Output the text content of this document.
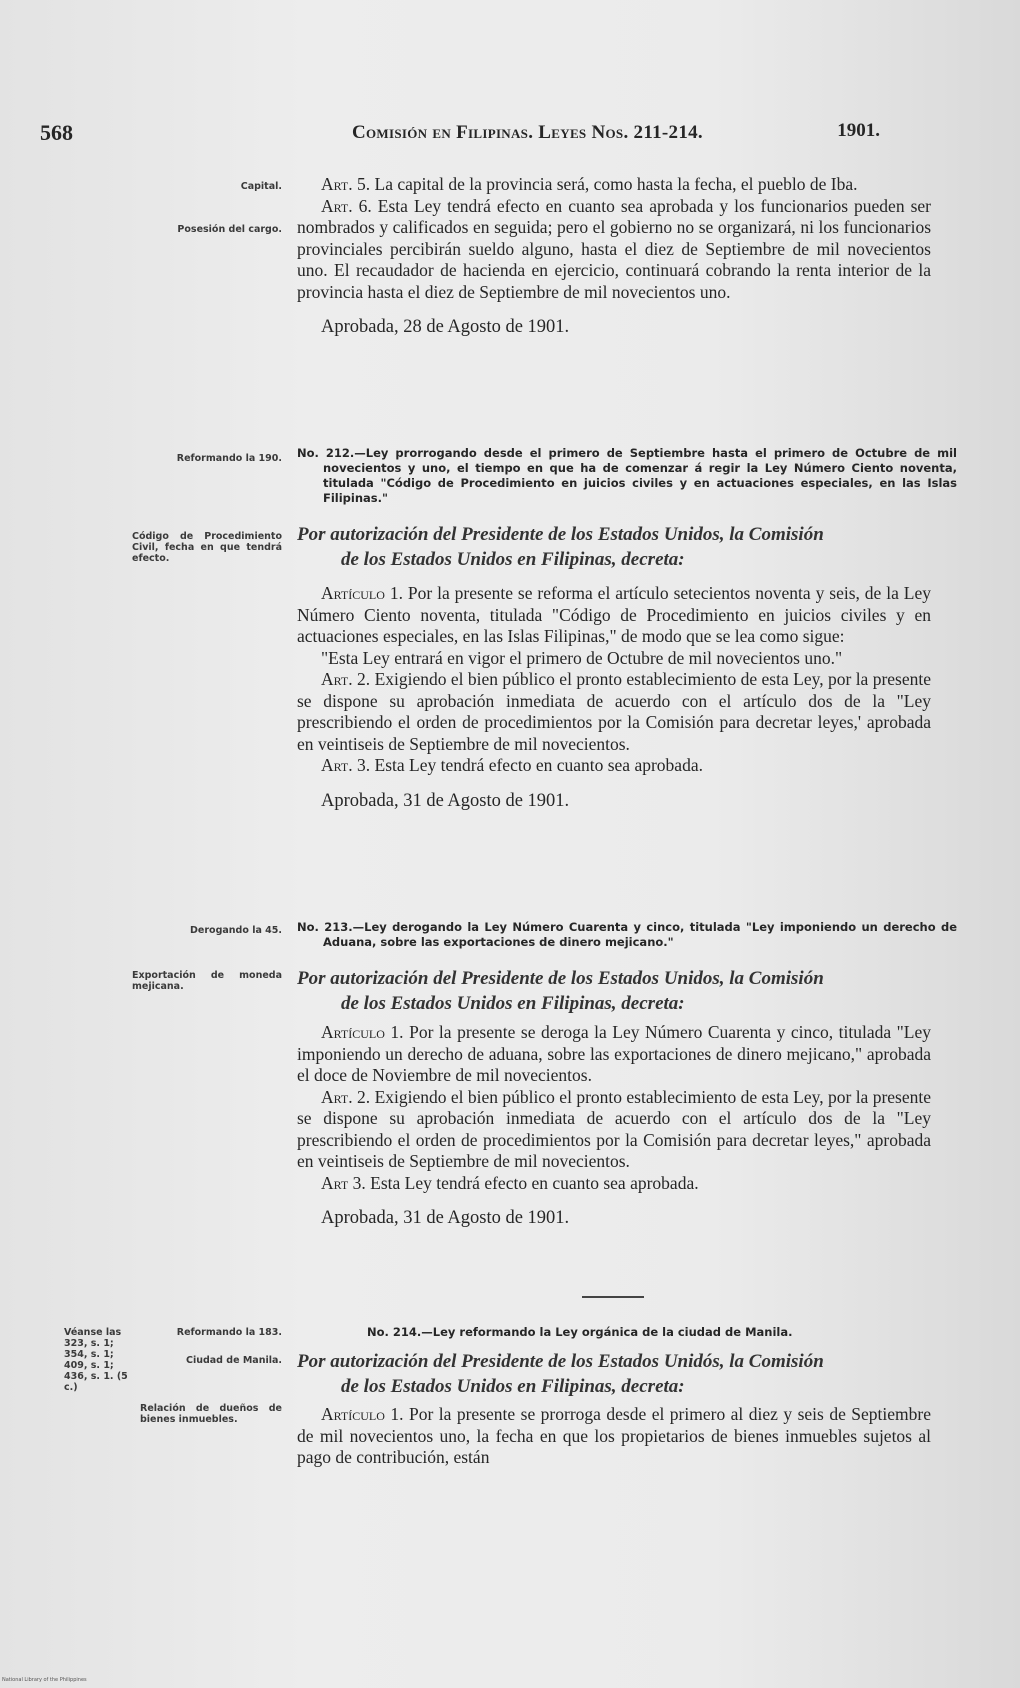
568	Comisión en Filipinas. Leyes Nos. 211-214.	1901.
Capital.
Posesión del cargo.

Art. 5. La capital de la provincia será, como hasta la fecha, el pueblo de Iba.

Art. 6. Esta Ley tendrá efecto en cuanto sea aprobada y los funcionarios pueden ser nombrados y calificados en seguida; pero el gobierno no se organizará, ni los funcionarios provinciales percibirán sueldo alguno, hasta el diez de Septiembre de mil novecientos uno. El recaudador de hacienda en ejercicio, continuará cobrando la renta interior de la provincia hasta el diez de Septiembre de mil novecientos uno.

Aprobada, 28 de Agosto de 1901.

Reformando la 190.
Código de Procedimiento Civil, fecha en que tendrá efecto.
No. 212.—Ley prorrogando desde el primero de Septiembre hasta el primero de Octubre de mil novecientos y uno, el tiempo en que ha de comenzar á regir la Ley Número Ciento noventa, titulada "Código de Procedimiento en juicios civiles y en actuaciones especiales, en las Islas Filipinas."
Por autorización del Presidente de los Estados Unidos, la Comisión
de los Estados Unidos en Filipinas, decreta:

Artículo 1. Por la presente se reforma el artículo setecientos noventa y seis, de la Ley Número Ciento noventa, titulada "Código de Procedimiento en juicios civiles y en actuaciones especiales, en las Islas Filipinas," de modo que se lea como sigue:

"Esta Ley entrará en vigor el primero de Octubre de mil novecientos uno."

Art. 2. Exigiendo el bien público el pronto establecimiento de esta Ley, por la presente se dispone su aprobación inmediata de acuerdo con el artículo dos de la "Ley prescribiendo el orden de procedimientos por la Comisión para decretar leyes,' aprobada en veintiseis de Septiembre de mil novecientos.

Art. 3. Esta Ley tendrá efecto en cuanto sea aprobada.

Aprobada, 31 de Agosto de 1901.

Derogando la 45.
Exportación de moneda mejicana.
No. 213.—Ley derogando la Ley Número Cuarenta y cinco, titulada "Ley imponiendo un derecho de Aduana, sobre las exportaciones de dinero mejicano."
Por autorización del Presidente de los Estados Unidos, la Comisión
de los Estados Unidos en Filipinas, decreta:

Artículo 1. Por la presente se deroga la Ley Número Cuarenta y cinco, titulada "Ley imponiendo un derecho de aduana, sobre las exportaciones de dinero mejicano," aprobada el doce de Noviembre de mil novecientos.

Art. 2. Exigiendo el bien público el pronto establecimiento de esta Ley, por la presente se dispone su aprobación inmediata de acuerdo con el artículo dos de la "Ley prescribiendo el orden de procedimientos por la Comisión para decretar leyes," aprobada en veintiseis de Septiembre de mil novecientos.

Art 3. Esta Ley tendrá efecto en cuanto sea aprobada.

Aprobada, 31 de Agosto de 1901.

Véanse las 323, s. 1; 354, s. 1; 409, s. 1; 436, s. 1. (5 c.)
Reformando la 183.
Ciudad de Manila.
Relación de dueños de bienes inmuebles.
No. 214.—Ley reformando la Ley orgánica de la ciudad de Manila.
Por autorización del Presidente de los Estados Unidós, la Comisión
de los Estados Unidos en Filipinas, decreta:

Artículo 1. Por la presente se prorroga desde el primero al diez y seis de Septiembre de mil novecientos uno, la fecha en que los propietarios de bienes inmuebles sujetos al pago de contribución, están

National Library of the Philippines
